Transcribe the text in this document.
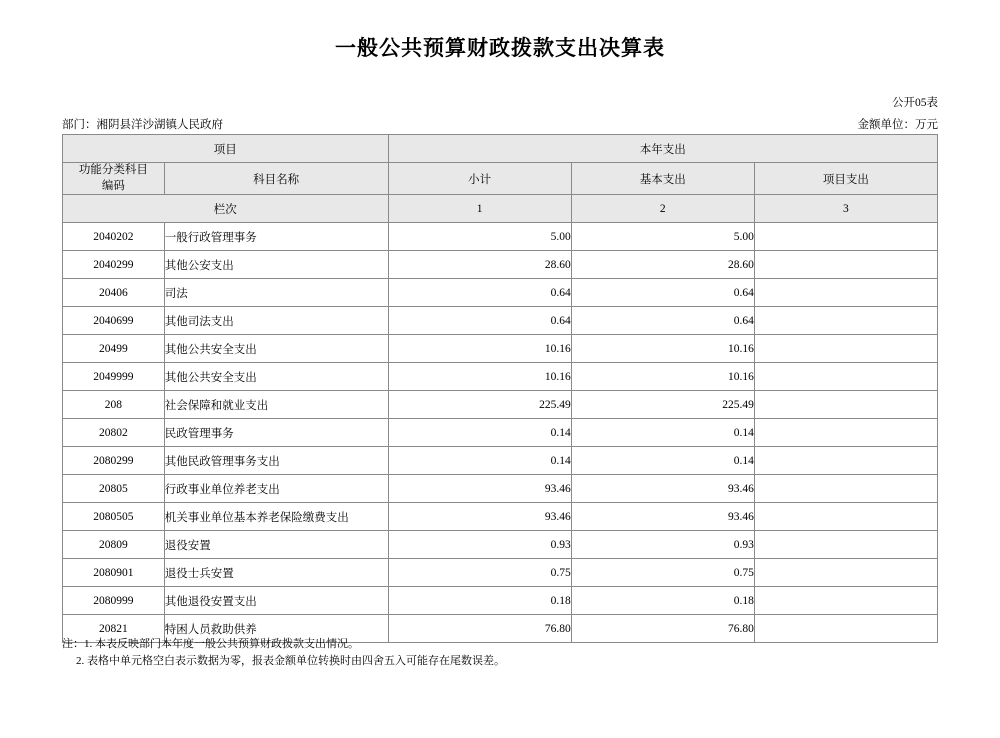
一般公共预算财政拨款支出决算表
公开05表
部门：湘阴县洋沙湖镇人民政府	金额单位：万元
项目		本年支出		

功能分类科目
编码	科目名称	小计	基本支出	项目支出
栏次		1	2	3
2040202	一般行政管理事务	5.00	5.00	
2040299	其他公安支出	28.60	28.60	
20406	司法	0.64	0.64	
2040699	其他司法支出	0.64	0.64	
20499	其他公共安全支出	10.16	10.16	
2049999	其他公共安全支出	10.16	10.16	
208	社会保障和就业支出	225.49	225.49	
20802	民政管理事务	0.14	0.14	
2080299	其他民政管理事务支出	0.14	0.14	
20805	行政事业单位养老支出	93.46	93.46	
2080505	机关事业单位基本养老保险缴费支出	93.46	93.46	
20809	退役安置	0.93	0.93	
2080901	退役士兵安置	0.75	0.75	
2080999	其他退役安置支出	0.18	0.18	
20821	特困人员救助供养	76.80	76.80	
注：1. 本表反映部门本年度一般公共预算财政拨款支出情况。
2. 表格中单元格空白表示数据为零，报表金额单位转换时由四舍五入可能存在尾数误差。
